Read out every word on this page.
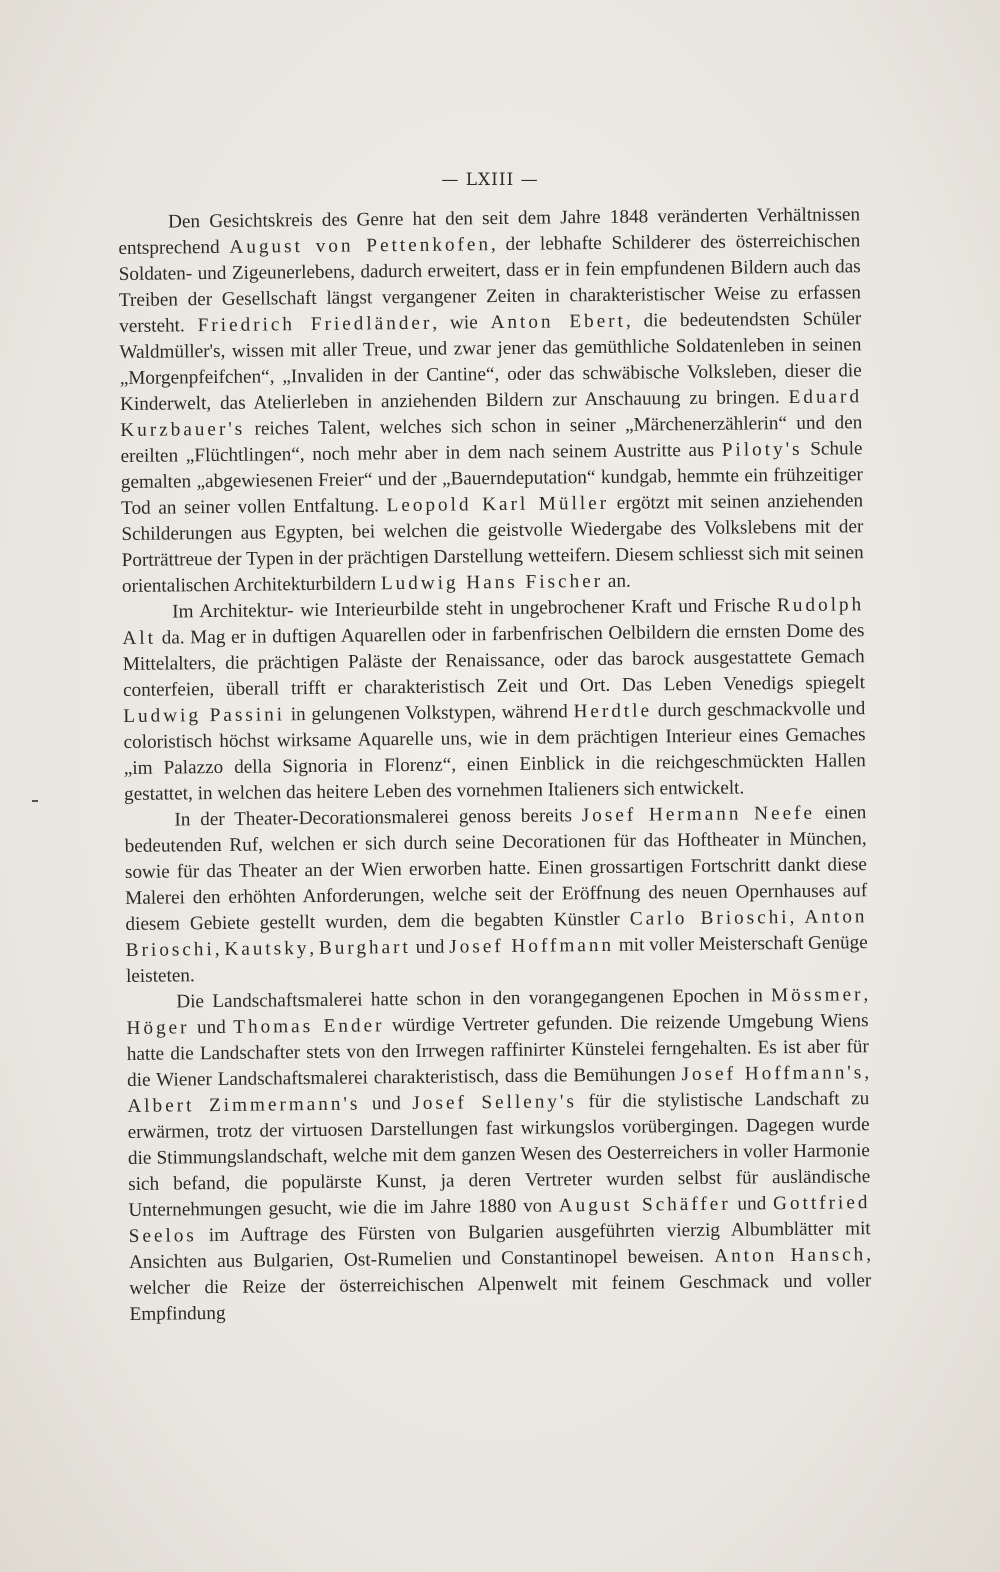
— LXIII —

Den Gesichtskreis des Genre hat den seit dem Jahre 1848 veränderten Verhältnissen entsprechend August von Pettenkofen, der lebhafte Schilderer des österreichischen Soldaten- und Zigeunerlebens, dadurch erweitert, dass er in fein empfundenen Bildern auch das Treiben der Gesellschaft längst vergangener Zeiten in charakteristischer Weise zu erfassen versteht. Friedrich Friedländer, wie Anton Ebert, die bedeutendsten Schüler Waldmüller's, wissen mit aller Treue, und zwar jener das gemüthliche Soldatenleben in seinen „Morgenpfeifchen“, „Invaliden in der Cantine“, oder das schwäbische Volksleben, dieser die Kinderwelt, das Atelierleben in anziehenden Bildern zur Anschauung zu bringen. Eduard Kurzbauer's reiches Talent, welches sich schon in seiner „Märchenerzählerin“ und den ereilten „Flüchtlingen“, noch mehr aber in dem nach seinem Austritte aus Piloty's Schule gemalten „abgewiesenen Freier“ und der „Bauerndeputation“ kundgab, hemmte ein frühzeitiger Tod an seiner vollen Entfaltung. Leopold Karl Müller ergötzt mit seinen anziehenden Schilderungen aus Egypten, bei welchen die geistvolle Wiedergabe des Volkslebens mit der Porträttreue der Typen in der prächtigen Darstellung wetteifern. Diesem schliesst sich mit seinen orientalischen Architekturbildern Ludwig Hans Fischer an.

Im Architektur- wie Interieurbilde steht in ungebrochener Kraft und Frische Rudolph Alt da. Mag er in duftigen Aquarellen oder in farbenfrischen Oelbildern die ernsten Dome des Mittelalters, die prächtigen Paläste der Renaissance, oder das barock ausgestattete Gemach conterfeien, überall trifft er charakteristisch Zeit und Ort. Das Leben Venedigs spiegelt Ludwig Passini in gelungenen Volkstypen, während Herdtle durch geschmackvolle und coloristisch höchst wirksame Aquarelle uns, wie in dem prächtigen Interieur eines Gemaches „im Palazzo della Signoria in Florenz“, einen Einblick in die reichgeschmückten Hallen gestattet, in welchen das heitere Leben des vornehmen Italieners sich entwickelt.

In der Theater-Decorationsmalerei genoss bereits Josef Hermann Neefe einen bedeutenden Ruf, welchen er sich durch seine Decorationen für das Hoftheater in München, sowie für das Theater an der Wien erworben hatte. Einen grossartigen Fortschritt dankt diese Malerei den erhöhten Anforderungen, welche seit der Eröffnung des neuen Opernhauses auf diesem Gebiete gestellt wurden, dem die begabten Künstler Carlo Brioschi, Anton Brioschi, Kautsky, Burghart und Josef Hoffmann mit voller Meisterschaft Genüge leisteten.

Die Landschaftsmalerei hatte schon in den vorangegangenen Epochen in Mössmer, Höger und Thomas Ender würdige Vertreter gefunden. Die reizende Umgebung Wiens hatte die Landschafter stets von den Irrwegen raffinirter Künstelei ferngehalten. Es ist aber für die Wiener Landschaftsmalerei charakteristisch, dass die Bemühungen Josef Hoffmann's, Albert Zimmermann's und Josef Selleny's für die stylistische Landschaft zu erwärmen, trotz der virtuosen Darstellungen fast wirkungslos vorübergingen. Dagegen wurde die Stimmungslandschaft, welche mit dem ganzen Wesen des Oesterreichers in voller Harmonie sich befand, die populärste Kunst, ja deren Vertreter wurden selbst für ausländische Unternehmungen gesucht, wie die im Jahre 1880 von August Schäffer und Gottfried Seelos im Auftrage des Fürsten von Bulgarien ausgeführten vierzig Albumblätter mit Ansichten aus Bulgarien, Ost-Rumelien und Constantinopel beweisen. Anton Hansch, welcher die Reize der österreichischen Alpenwelt mit feinem Geschmack und voller Empfindung
